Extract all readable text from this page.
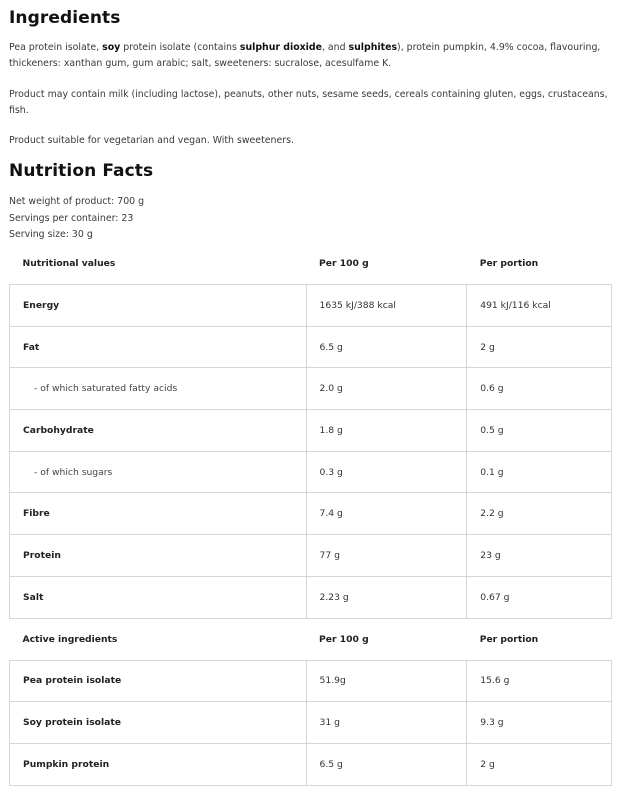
Ingredients
Pea protein isolate, soy protein isolate (contains sulphur dioxide, and sulphites), protein pumpkin, 4.9% cocoa, flavouring, thickeners: xanthan gum, gum arabic; salt, sweeteners: sucralose, acesulfame K.
Product may contain milk (including lactose), peanuts, other nuts, sesame seeds, cereals containing gluten, eggs, crustaceans, fish.
Product suitable for vegetarian and vegan. With sweeteners.
Nutrition Facts
Net weight of product: 700 g
Servings per container: 23
Serving size: 30 g
Nutritional values	Per 100 g	Per portion
Energy	1635 kJ/388 kcal	491 kJ/116 kcal
Fat	6.5 g	2 g
- of which saturated fatty acids	2.0 g	0.6 g
Carbohydrate	1.8 g	0.5 g
- of which sugars	0.3 g	0.1 g
Fibre	7.4 g	2.2 g
Protein	77 g	23 g
Salt	2.23 g	0.67 g
Active ingredients	Per 100 g	Per portion
Pea protein isolate	51.9g	15.6 g
Soy protein isolate	31 g	9.3 g
Pumpkin protein	6.5 g	2 g
